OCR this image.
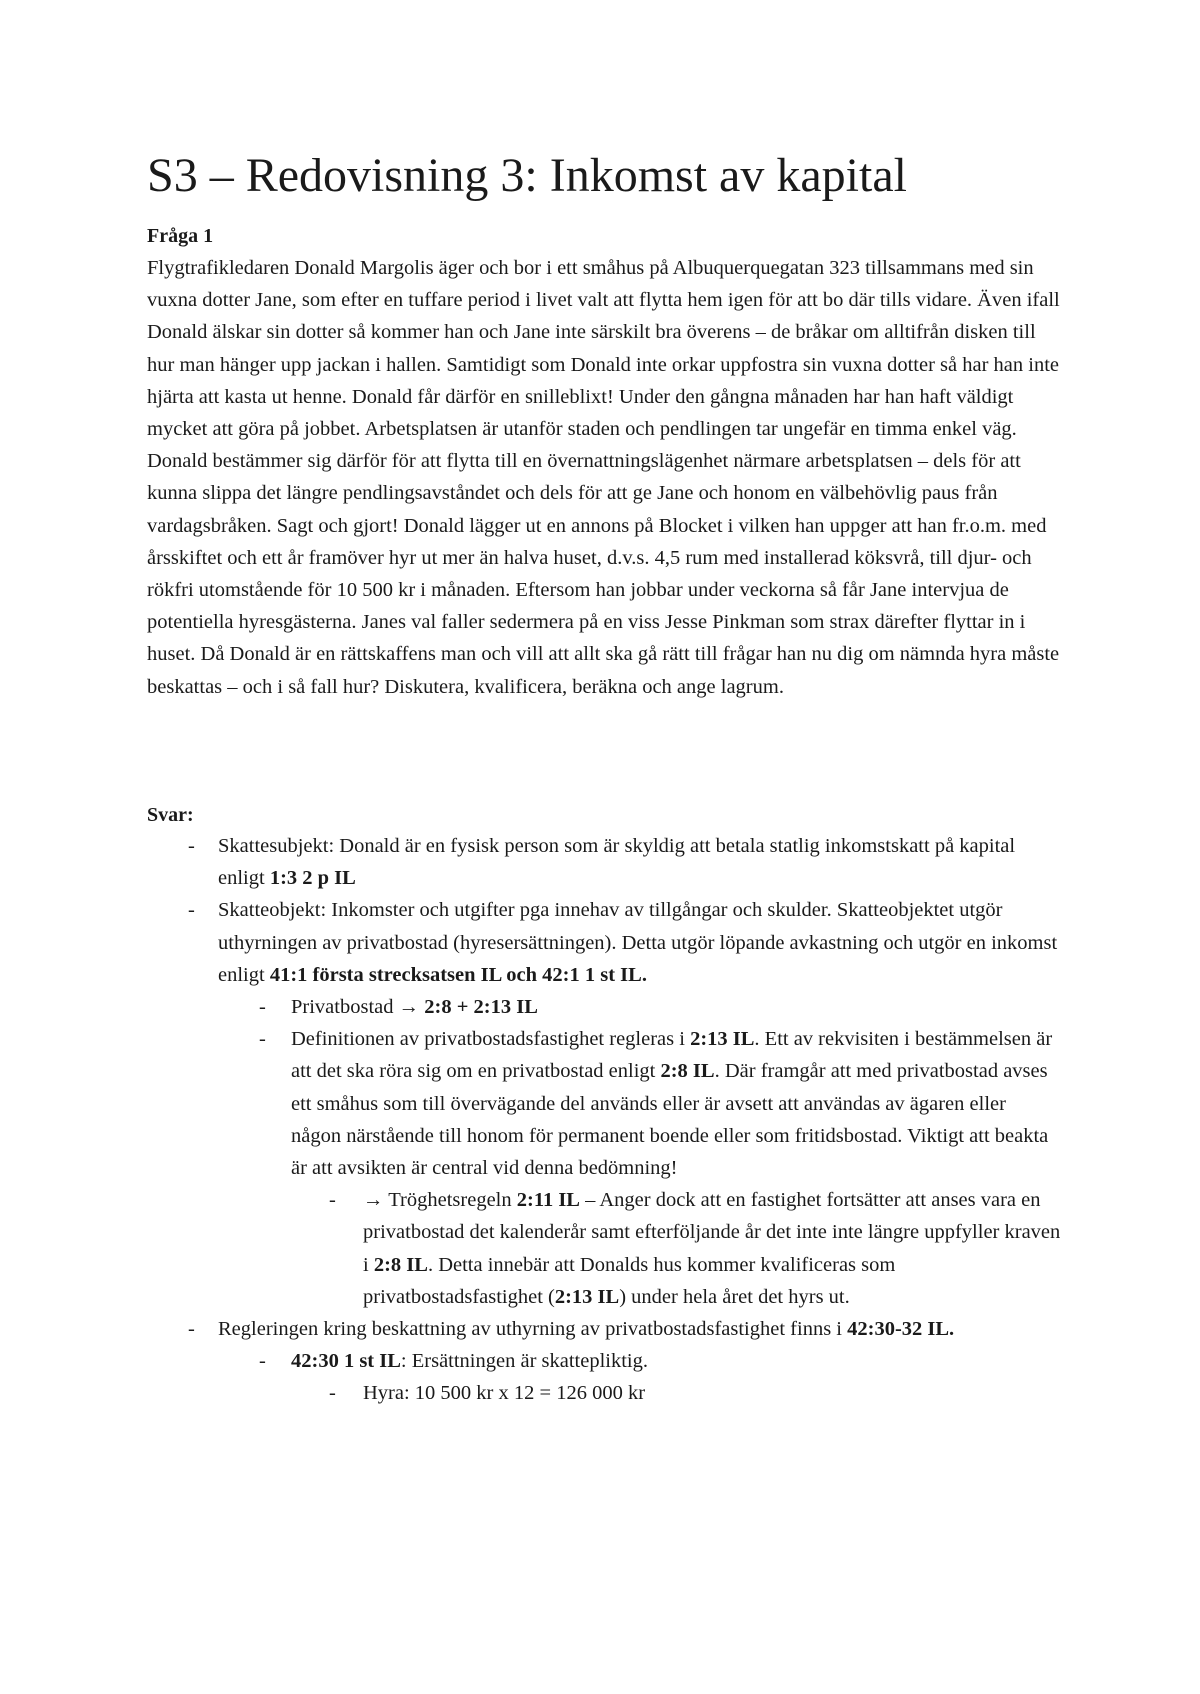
S3 – Redovisning 3: Inkomst av kapital

Fråga 1

Flygtrafikledaren Donald Margolis äger och bor i ett småhus på Albuquerquegatan 323 tillsammans med sin vuxna dotter Jane, som efter en tuffare period i livet valt att flytta hem igen för att bo där tills vidare. Även ifall Donald älskar sin dotter så kommer han och Jane inte särskilt bra överens – de bråkar om alltifrån disken till hur man hänger upp jackan i hallen. Samtidigt som Donald inte orkar uppfostra sin vuxna dotter så har han inte hjärta att kasta ut henne. Donald får därför en snilleblixt! Under den gångna månaden har han haft väldigt mycket att göra på jobbet. Arbetsplatsen är utanför staden och pendlingen tar ungefär en timma enkel väg. Donald bestämmer sig därför för att flytta till en övernattningslägenhet närmare arbetsplatsen – dels för att kunna slippa det längre pendlingsavståndet och dels för att ge Jane och honom en välbehövlig paus från vardagsbråken. Sagt och gjort! Donald lägger ut en annons på Blocket i vilken han uppger att han fr.o.m. med årsskiftet och ett år framöver hyr ut mer än halva huset, d.v.s. 4,5 rum med installerad köksvrå, till djur- och rökfri utomstående för 10 500 kr i månaden. Eftersom han jobbar under veckorna så får Jane intervjua de potentiella hyresgästerna. Janes val faller sedermera på en viss Jesse Pinkman som strax därefter flyttar in i huset. Då Donald är en rättskaffens man och vill att allt ska gå rätt till frågar han nu dig om nämnda hyra måste beskattas – och i så fall hur? Diskutera, kvalificera, beräkna och ange lagrum.

Svar:

- Skattesubjekt: Donald är en fysisk person som är skyldig att betala statlig inkomstskatt på kapital enligt 1:3 2 p IL
- Skatteobjekt: Inkomster och utgifter pga innehav av tillgångar och skulder. Skatteobjektet utgör uthyrningen av privatbostad (hyresersättningen). Detta utgör löpande avkastning och utgör en inkomst enligt 41:1 första strecksatsen IL och 42:1 1 st IL.
- Privatbostad → 2:8 + 2:13 IL
- Definitionen av privatbostadsfastighet regleras i 2:13 IL. Ett av rekvisiten i bestämmelsen är att det ska röra sig om en privatbostad enligt 2:8 IL. Där framgår att med privatbostad avses ett småhus som till övervägande del används eller är avsett att användas av ägaren eller någon närstående till honom för permanent boende eller som fritidsbostad. Viktigt att beakta är att avsikten är central vid denna bedömning!
- → Tröghetsregeln 2:11 IL – Anger dock att en fastighet fortsätter att anses vara en privatbostad det kalenderår samt efterföljande år det inte inte längre uppfyller kraven i 2:8 IL. Detta innebär att Donalds hus kommer kvalificeras som privatbostadsfastighet (2:13 IL) under hela året det hyrs ut.
- Regleringen kring beskattning av uthyrning av privatbostadsfastighet finns i 42:30-32 IL.
- 42:30 1 st IL: Ersättningen är skattepliktig.
- Hyra: 10 500 kr x 12 = 126 000 kr
